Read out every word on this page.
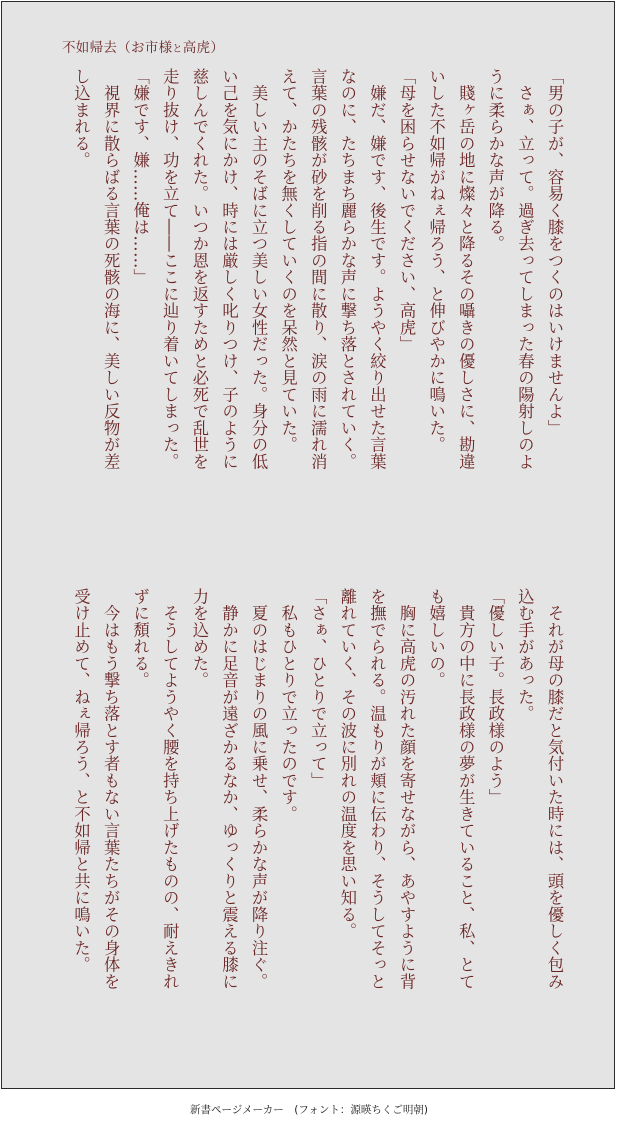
不如帰去（お市様と高虎）
「男の子が、容易く膝をつくのはいけませんよ」
　さぁ、立って。過ぎ去ってしまった春の陽射しのよ
うに柔らかな声が降る。
　賤ヶ岳の地に燦々と降るその囁きの優しさに、勘違
いした不如帰がねぇ帰ろう、と伸びやかに鳴いた。
「母を困らせないでください、高虎」
　嫌だ、嫌です、後生です。ようやく絞り出せた言葉
なのに、たちまち麗らかな声に撃ち落とされていく。
言葉の残骸が砂を削る指の間に散り、涙の雨に濡れ消
えて、かたちを無くしていくのを呆然と見ていた。
　美しい主のそばに立つ美しい女性だった。身分の低
い己を気にかけ、時には厳しく叱りつけ、子のように
慈しんでくれた。いつか恩を返すためと必死で乱世を
走り抜け、功を立て――ここに辿り着いてしまった。
「嫌です、嫌……俺は……」
　視界に散らばる言葉の死骸の海に、美しい反物が差
し込まれる。
　それが母の膝だと気付いた時には、頭を優しく包み
込む手があった。
「優しい子。長政様のよう」
　貴方の中に長政様の夢が生きていること、私、とて
も嬉しいの。
　胸に高虎の汚れた顔を寄せながら、あやすように背
を撫でられる。温もりが頬に伝わり、そうしてそっと
離れていく、その波に別れの温度を思い知る。
「さぁ、ひとりで立って」
　私もひとりで立ったのです。
　夏のはじまりの風に乗せ、柔らかな声が降り注ぐ。
　静かに足音が遠ざかるなか、ゆっくりと震える膝に
力を込めた。
　そうしてようやく腰を持ち上げたものの、耐えきれ
ずに頽れる。
　今はもう撃ち落とす者もない言葉たちがその身体を
受け止めて、ねぇ帰ろう、と不如帰と共に鳴いた。
新書ページメーカー　(フォント：源暎ちくご明朝)
